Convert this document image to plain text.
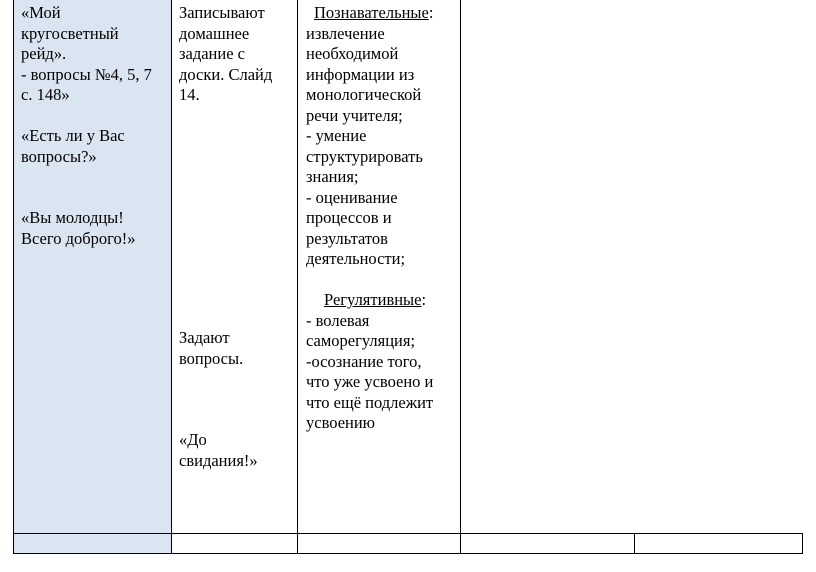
«Мой
кругосветный
рейд».
- вопросы №4, 5, 7
с. 148»
«Есть ли у Вас
вопросы?»
«Вы молодцы!
Всего доброго!»
Записывают
домашнее
задание с
доски. Слайд
14.
Задают
вопросы.
«До
свидания!»
Познавательные:
извлечение
необходимой
информации из
монологической
речи учителя;
- умение
структурировать
знания;
- оценивание
процессов и
результатов
деятельности;
Регулятивные:
- волевая
саморегуляция;
-осознание того,
что уже усвоено и
что ещё подлежит
усвоению
